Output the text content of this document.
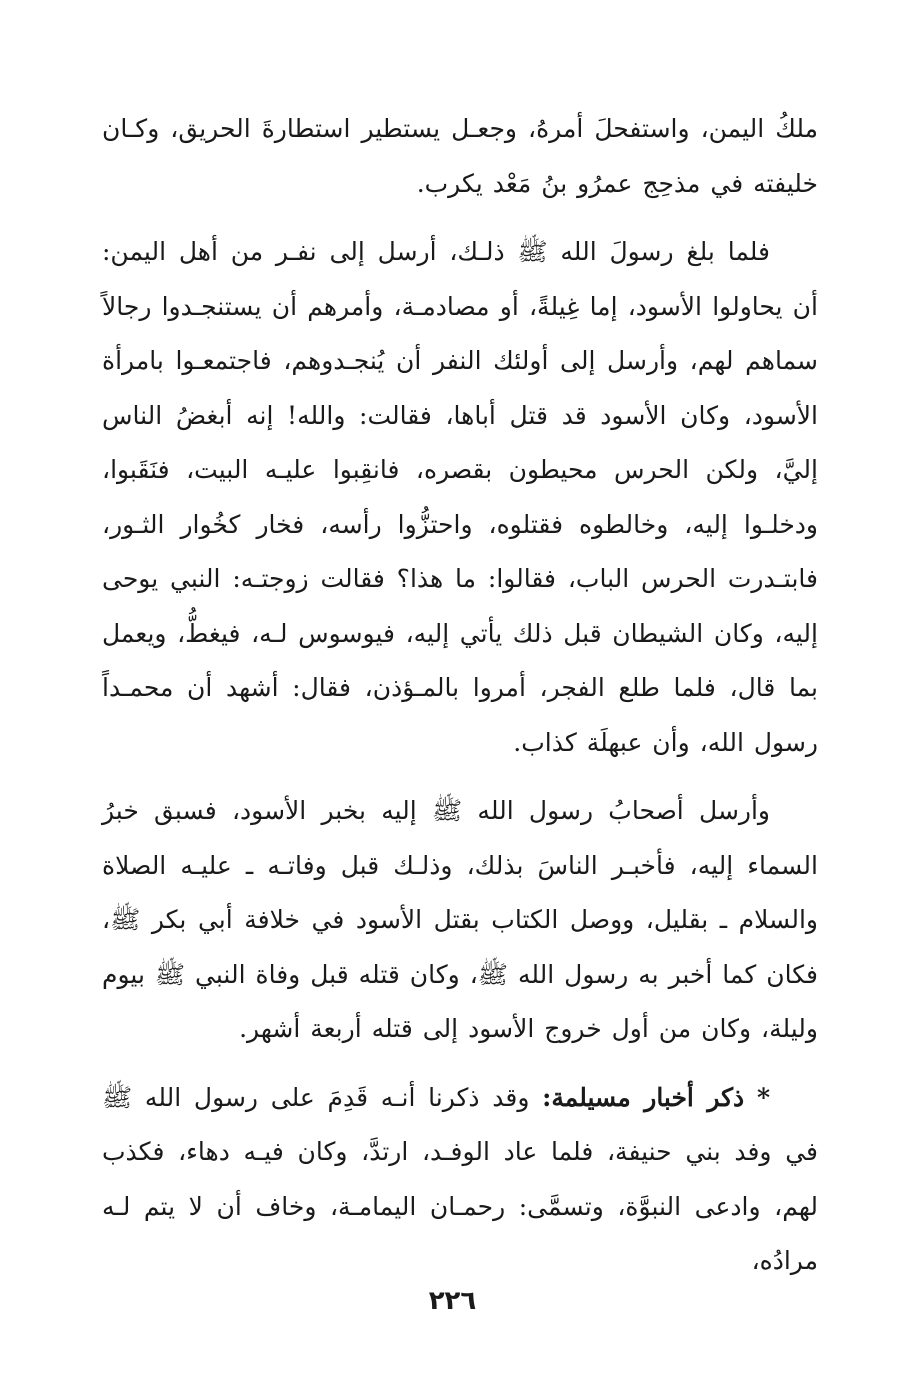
ملكُ اليمن، واستفحلَ أمرهُ، وجعـل يستطير استطارةَ الحريق، وكـان خليفته في مذحِج عمرُو بنُ مَعْد يكرب.

فلما بلغ رسولَ الله ﷺ ذلـك، أرسل إلى نفـر من أهل اليمن: أن يحاولوا الأسود، إما غِيلةً، أو مصادمـة، وأمرهم أن يستنجـدوا رجالاً سماهم لهم، وأرسل إلى أولئك النفر أن يُنجـدوهم، فاجتمعـوا بامرأة الأسود، وكان الأسود قد قتل أباها، فقالت: والله! إنه أبغضُ الناس إليَّ، ولكن الحرس محيطون بقصره، فانقِبوا عليـه البيت، فنَقَبوا، ودخلـوا إليه، وخالطوه فقتلوه، واحتزُّوا رأسه، فخار كخُوار الثـور، فابتـدرت الحرس الباب، فقالوا: ما هذا؟ فقالت زوجتـه: النبي يوحى إليه، وكان الشيطان قبل ذلك يأتي إليه، فيوسوس لـه، فيغطُّ، ويعمل بما قال، فلما طلع الفجر، أمروا بالمـؤذن، فقال: أشهد أن محمـداً رسول الله، وأن عبهلَة كذاب.

وأرسل أصحابُ رسول الله ﷺ إليه بخبر الأسود، فسبق خبرُ السماء إليه، فأخبـر الناسَ بذلك، وذلـك قبل وفاتـه ـ عليـه الصلاة والسلام ـ بقليل، ووصل الكتاب بقتل الأسود في خلافة أبي بكر ﷺ، فكان كما أخبر به رسول الله ﷺ، وكان قتله قبل وفاة النبي ﷺ بيوم وليلة، وكان من أول خروج الأسود إلى قتله أربعة أشهر.

* ذكر أخبار مسيلمة: وقد ذكرنا أنـه قَدِمَ على رسول الله ﷺ في وفد بني حنيفة، فلما عاد الوفـد، ارتدَّ، وكان فيـه دهاء، فكذب لهم، وادعى النبوَّة، وتسمَّى: رحمـان اليمامـة، وخاف أن لا يتم لـه مرادُه،

٢٢٦
